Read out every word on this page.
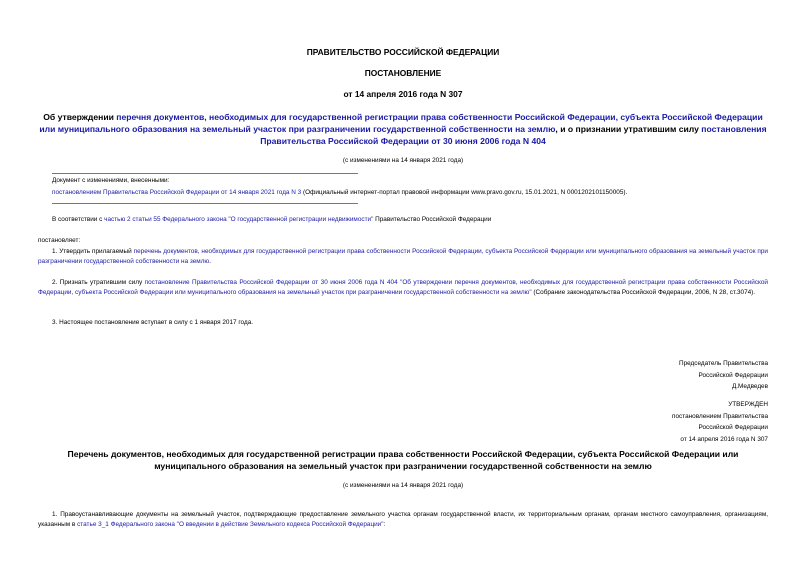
ПРАВИТЕЛЬСТВО РОССИЙСКОЙ ФЕДЕРАЦИИ
ПОСТАНОВЛЕНИЕ
от 14 апреля 2016 года N 307
Об утверждении перечня документов, необходимых для государственной регистрации права собственности Российской Федерации, субъекта Российской Федерации или муниципального образования на земельный участок при разграничении государственной собственности на землю, и о признании утратившим силу постановления Правительства Российской Федерации от 30 июня 2006 года N 404
(с изменениями на 14 января 2021 года)
Документ с изменениями, внесенными:
постановлением Правительства Российской Федерации от 14 января 2021 года N 3 (Официальный интернет-портал правовой информации www.pravo.gov.ru, 15.01.2021, N 0001202101150005).
В соответствии с частью 2 статьи 55 Федерального закона "О государственной регистрации недвижимости" Правительство Российской Федерации
постановляет:
1. Утвердить прилагаемый перечень документов, необходимых для государственной регистрации права собственности Российской Федерации, субъекта Российской Федерации или муниципального образования на земельный участок при разграничении государственной собственности на землю.
2. Признать утратившим силу постановление Правительства Российской Федерации от 30 июня 2006 года N 404 "Об утверждении перечня документов, необходимых для государственной регистрации права собственности Российской Федерации, субъекта Российской Федерации или муниципального образования на земельный участок при разграничении государственной собственности на землю" (Собрание законодательства Российской Федерации, 2006, N 28, ст.3074).
3. Настоящее постановление вступает в силу с 1 января 2017 года.
Председатель Правительства
Российской Федерации
Д.Медведев
УТВЕРЖДЕН
постановлением Правительства
Российской Федерации
от 14 апреля 2016 года N 307
Перечень документов, необходимых для государственной регистрации права собственности Российской Федерации, субъекта Российской Федерации или муниципального образования на земельный участок при разграничении государственной собственности на землю
(с изменениями на 14 января 2021 года)
1. Правоустанавливающие документы на земельный участок, подтверждающие предоставление земельного участка органам государственной власти, их территориальным органам, органам местного самоуправления, организациям, указанным в статье 3_1 Федерального закона "О введении в действие Земельного кодекса Российской Федерации":
